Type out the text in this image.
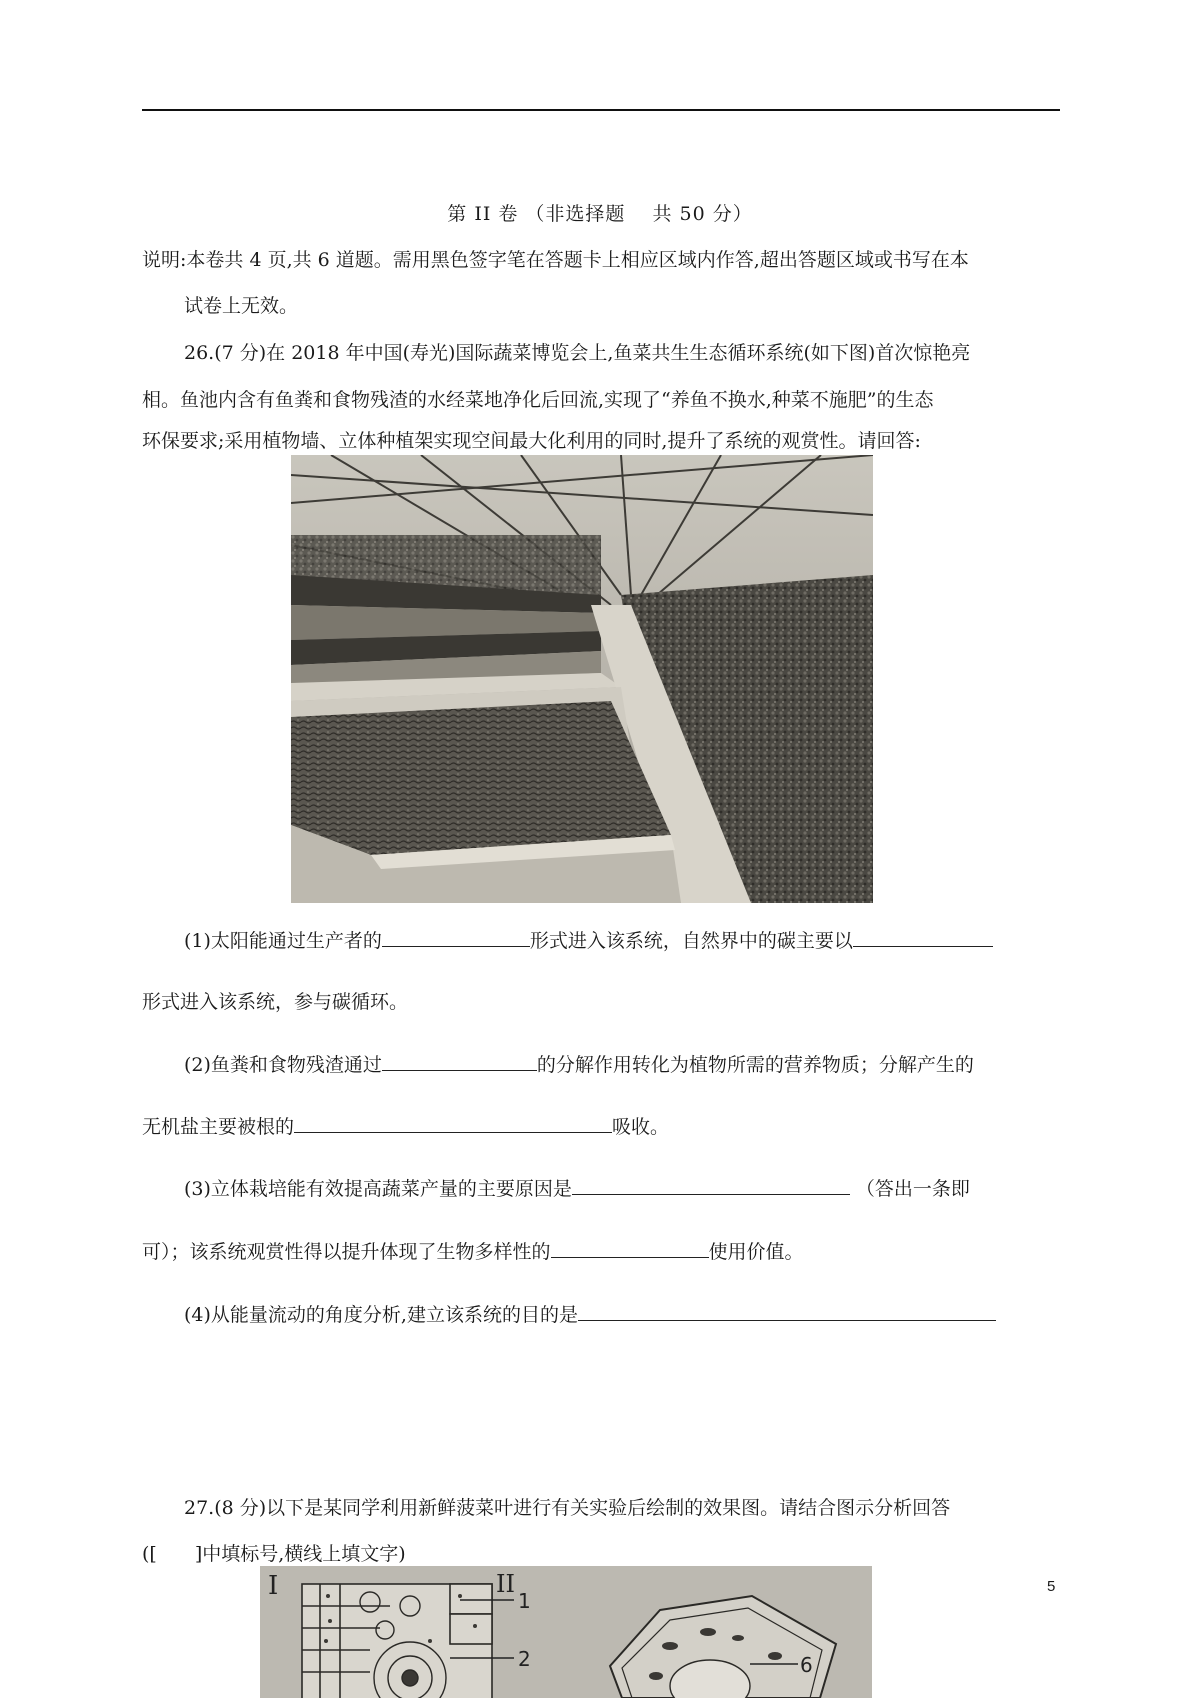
第 II 卷 （非选择题　 共 50 分）
说明:本卷共 4 页,共 6 道题。需用黑色签字笔在答题卡上相应区域内作答,超出答题区域或书写在本
试卷上无效。
26.(7 分)在 2018 年中国(寿光)国际蔬菜博览会上,鱼菜共生生态循环系统(如下图)首次惊艳亮
相。鱼池内含有鱼粪和食物残渣的水经菜地净化后回流,实现了“养鱼不换水,种菜不施肥”的生态
环保要求;采用植物墙、立体种植架实现空间最大化利用的同时,提升了系统的观赏性。请回答:
(1)太阳能通过生产者的	形式进入该系统，自然界中的碳主要以
形式进入该系统，参与碳循环。
(2)鱼粪和食物残渣通过	的分解作用转化为植物所需的营养物质；分解产生的
无机盐主要被根的	吸收。
(3)立体栽培能有效提高蔬菜产量的主要原因是	（答出一条即
可）；该系统观赏性得以提升体现了生物多样性的	使用价值。
(4)从能量流动的角度分析,建立该系统的目的是
27.(8 分)以下是某同学利用新鲜菠菜叶进行有关实验后绘制的效果图。请结合图示分析回答
([　　]中填标号,横线上填文字)
I	II
1
2	6
5
